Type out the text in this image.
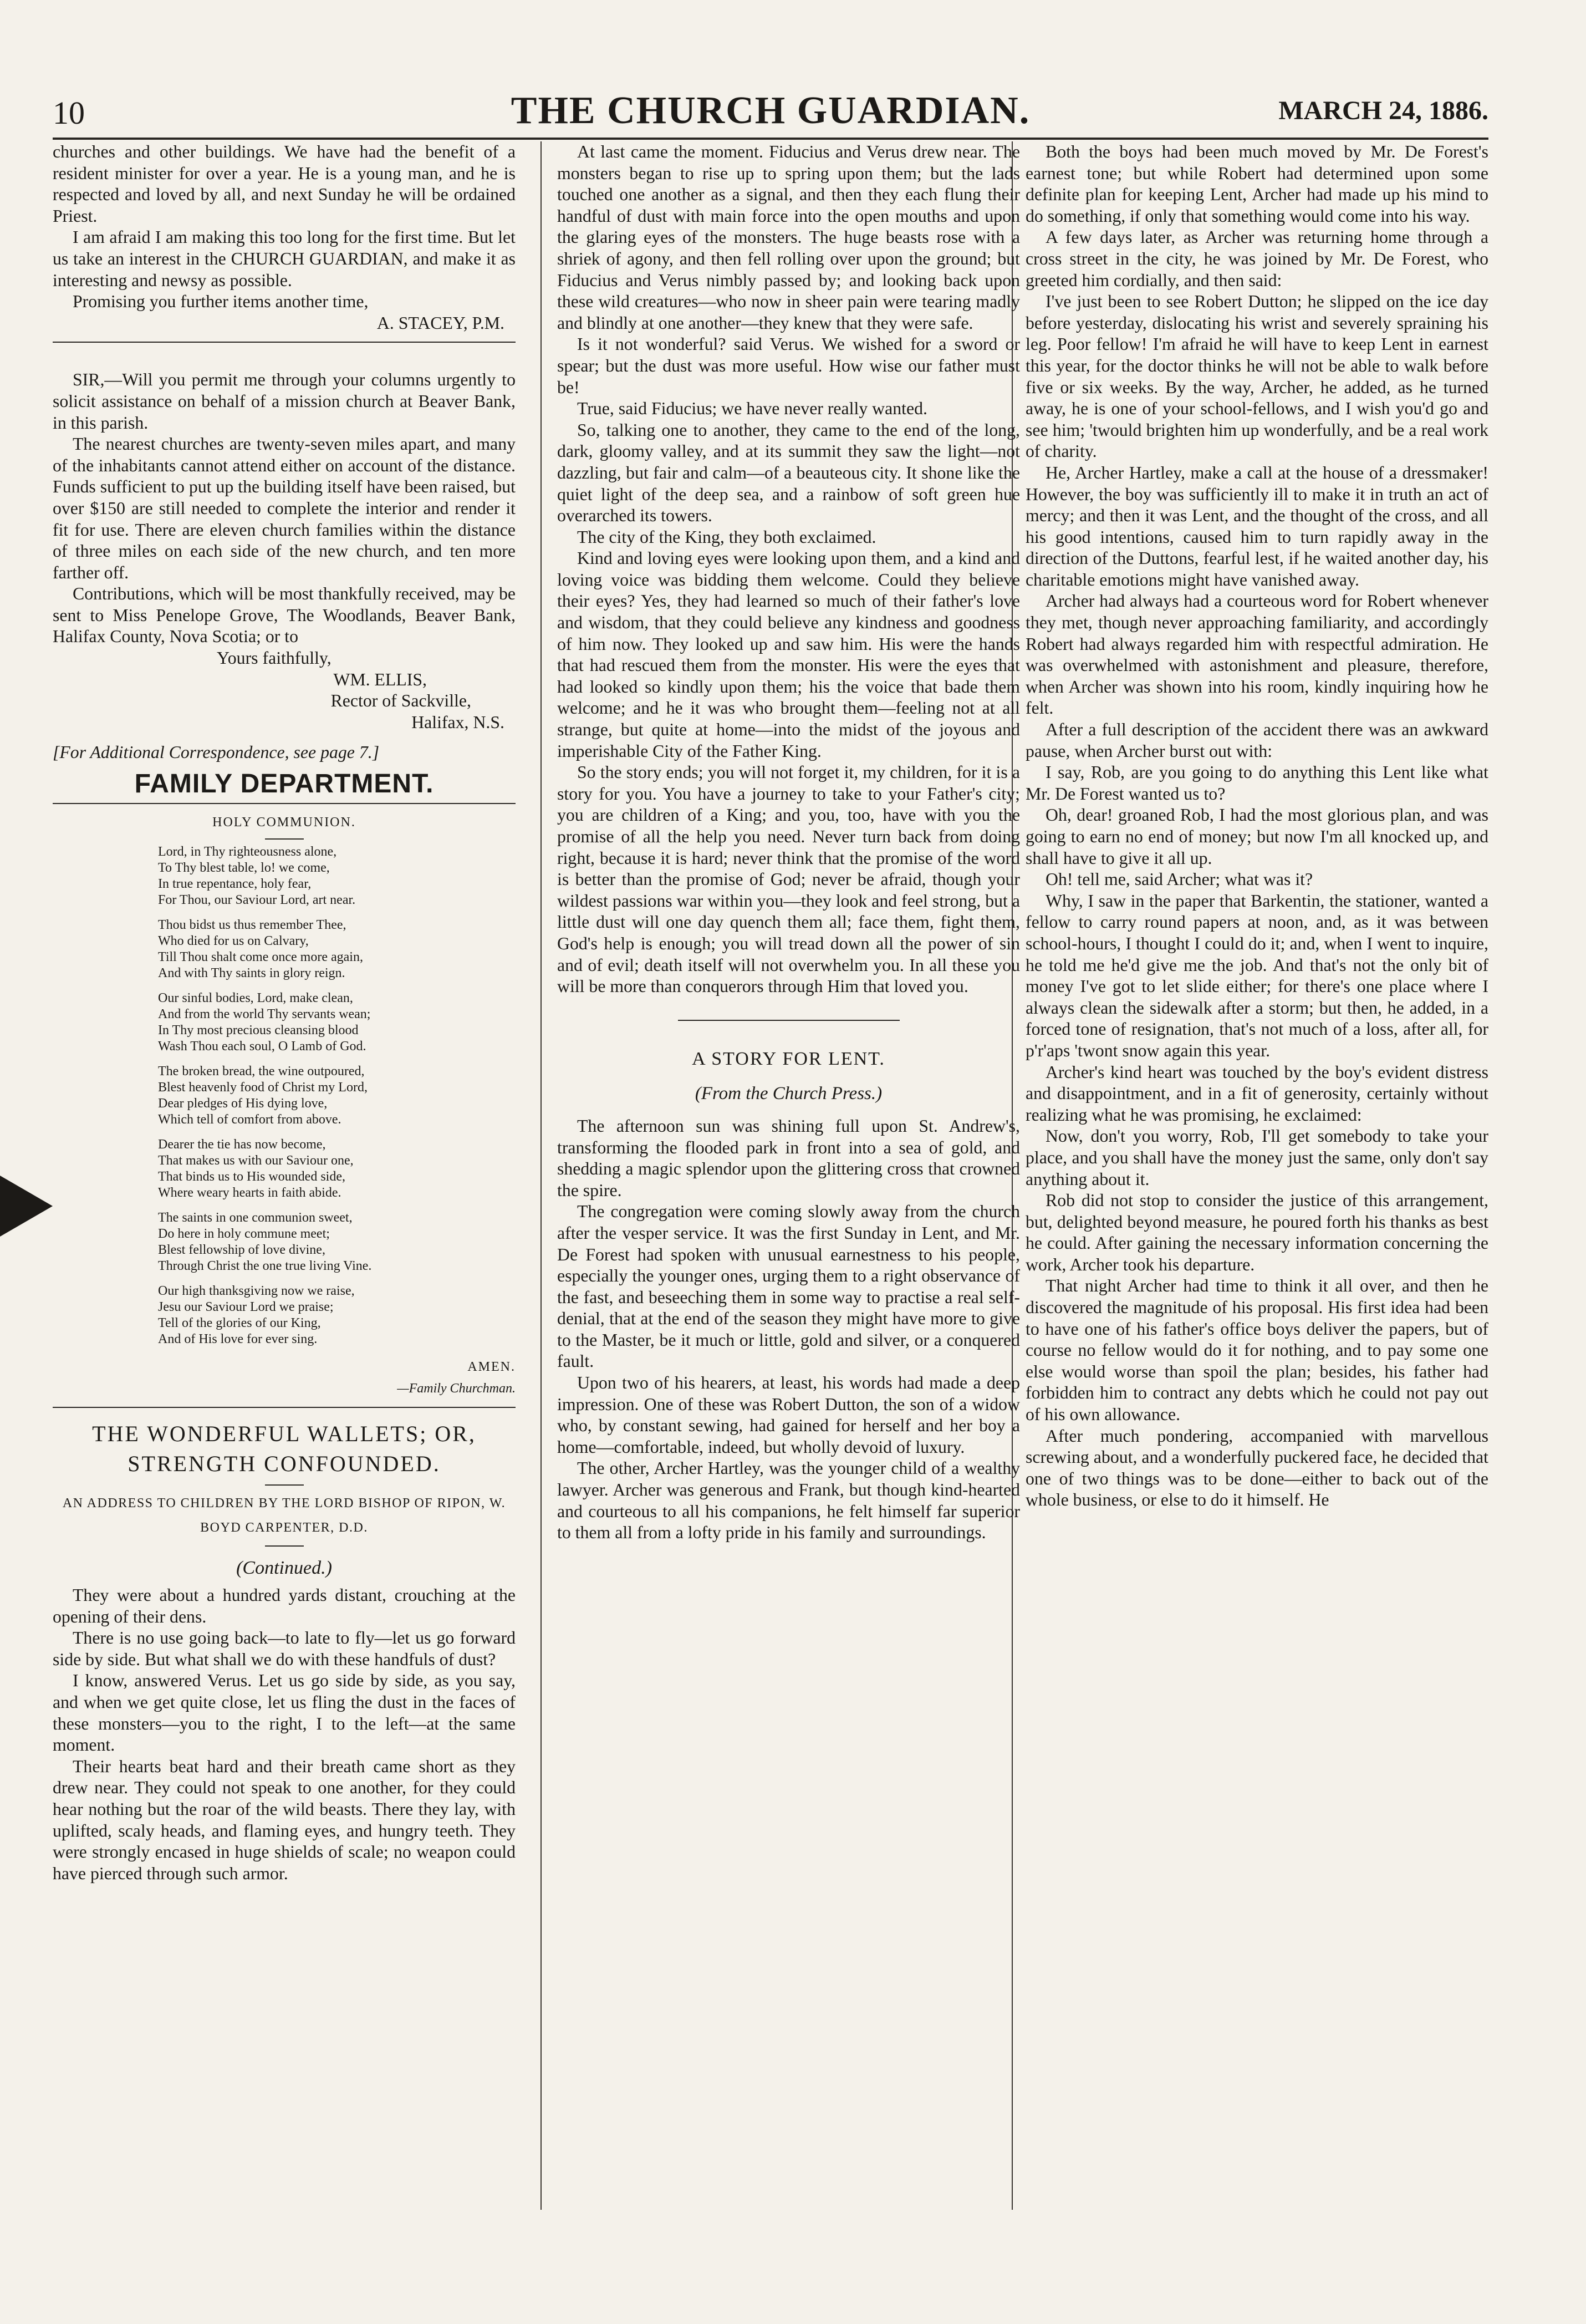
10	THE CHURCH GUARDIAN.	MARCH 24, 1886.

churches and other buildings. We have had the benefit of a resident minister for over a year. He is a young man, and he is respected and loved by all, and next Sunday he will be ordained Priest.

I am afraid I am making this too long for the first time. But let us take an interest in the CHURCH GUARDIAN, and make it as interesting and newsy as possible.

Promising you further items another time,

A. STACEY, P.M.

SIR,—Will you permit me through your columns urgently to solicit assistance on behalf of a mission church at Beaver Bank, in this parish.

The nearest churches are twenty-seven miles apart, and many of the inhabitants cannot attend either on account of the distance. Funds sufficient to put up the building itself have been raised, but over $150 are still needed to complete the interior and render it fit for use. There are eleven church families within the distance of three miles on each side of the new church, and ten more farther off.

Contributions, which will be most thankfully received, may be sent to Miss Penelope Grove, The Woodlands, Beaver Bank, Halifax County, Nova Scotia; or to

Yours faithfully,

WM. ELLIS,

Rector of Sackville,

Halifax, N.S.

[For Additional Correspondence, see page 7.]

FAMILY DEPARTMENT.
HOLY COMMUNION.
Lord, in Thy righteousness alone,
To Thy blest table, lo! we come,
In true repentance, holy fear,
For Thou, our Saviour Lord, art near.
Thou bidst us thus remember Thee,
Who died for us on Calvary,
Till Thou shalt come once more again,
And with Thy saints in glory reign.
Our sinful bodies, Lord, make clean,
And from the world Thy servants wean;
In Thy most precious cleansing blood
Wash Thou each soul, O Lamb of God.
The broken bread, the wine outpoured,
Blest heavenly food of Christ my Lord,
Dear pledges of His dying love,
Which tell of comfort from above.
Dearer the tie has now become,
That makes us with our Saviour one,
That binds us to His wounded side,
Where weary hearts in faith abide.
The saints in one communion sweet,
Do here in holy commune meet;
Blest fellowship of love divine,
Through Christ the one true living Vine.
Our high thanksgiving now we raise,
Jesu our Saviour Lord we praise;
Tell of the glories of our King,
And of His love for ever sing.
AMEN.
—Family Churchman.
THE WONDERFUL WALLETS; OR, STRENGTH CONFOUNDED.
AN ADDRESS TO CHILDREN BY THE LORD BISHOP OF RIPON, W. BOYD CARPENTER, D.D.
(Continued.)

They were about a hundred yards distant, crouching at the opening of their dens.

There is no use going back—to late to fly—let us go forward side by side. But what shall we do with these handfuls of dust?

I know, answered Verus. Let us go side by side, as you say, and when we get quite close, let us fling the dust in the faces of these monsters—you to the right, I to the left—at the same moment.

Their hearts beat hard and their breath came short as they drew near. They could not speak to one another, for they could hear nothing but the roar of the wild beasts. There they lay, with uplifted, scaly heads, and flaming eyes, and hungry teeth. They were strongly encased in huge shields of scale; no weapon could have pierced through such armor.

At last came the moment. Fiducius and Verus drew near. The monsters began to rise up to spring upon them; but the lads touched one another as a signal, and then they each flung their handful of dust with main force into the open mouths and upon the glaring eyes of the monsters. The huge beasts rose with a shriek of agony, and then fell rolling over upon the ground; but Fiducius and Verus nimbly passed by; and looking back upon these wild creatures—who now in sheer pain were tearing madly and blindly at one another—they knew that they were safe.

Is it not wonderful? said Verus. We wished for a sword or spear; but the dust was more useful. How wise our father must be!

True, said Fiducius; we have never really wanted.

So, talking one to another, they came to the end of the long, dark, gloomy valley, and at its summit they saw the light—not dazzling, but fair and calm—of a beauteous city. It shone like the quiet light of the deep sea, and a rainbow of soft green hue overarched its towers.

The city of the King, they both exclaimed.

Kind and loving eyes were looking upon them, and a kind and loving voice was bidding them welcome. Could they believe their eyes? Yes, they had learned so much of their father's love and wisdom, that they could believe any kindness and goodness of him now. They looked up and saw him. His were the hands that had rescued them from the monster. His were the eyes that had looked so kindly upon them; his the voice that bade them welcome; and he it was who brought them—feeling not at all strange, but quite at home—into the midst of the joyous and imperishable City of the Father King.

So the story ends; you will not forget it, my children, for it is a story for you. You have a journey to take to your Father's city; you are children of a King; and you, too, have with you the promise of all the help you need. Never turn back from doing right, because it is hard; never think that the promise of the word is better than the promise of God; never be afraid, though your wildest passions war within you—they look and feel strong, but a little dust will one day quench them all; face them, fight them, God's help is enough; you will tread down all the power of sin and of evil; death itself will not overwhelm you. In all these you will be more than conquerors through Him that loved you.

A STORY FOR LENT.
(From the Church Press.)

The afternoon sun was shining full upon St. Andrew's, transforming the flooded park in front into a sea of gold, and shedding a magic splendor upon the glittering cross that crowned the spire.

The congregation were coming slowly away from the church after the vesper service. It was the first Sunday in Lent, and Mr. De Forest had spoken with unusual earnestness to his people, especially the younger ones, urging them to a right observance of the fast, and beseeching them in some way to practise a real self-denial, that at the end of the season they might have more to give to the Master, be it much or little, gold and silver, or a conquered fault.

Upon two of his hearers, at least, his words had made a deep impression. One of these was Robert Dutton, the son of a widow who, by constant sewing, had gained for herself and her boy a home—comfortable, indeed, but wholly devoid of luxury.

The other, Archer Hartley, was the younger child of a wealthy lawyer. Archer was generous and Frank, but though kind-hearted and courteous to all his companions, he felt himself far superior to them all from a lofty pride in his family and surroundings.

Both the boys had been much moved by Mr. De Forest's earnest tone; but while Robert had determined upon some definite plan for keeping Lent, Archer had made up his mind to do something, if only that something would come into his way.

A few days later, as Archer was returning home through a cross street in the city, he was joined by Mr. De Forest, who greeted him cordially, and then said:

I've just been to see Robert Dutton; he slipped on the ice day before yesterday, dislocating his wrist and severely spraining his leg. Poor fellow! I'm afraid he will have to keep Lent in earnest this year, for the doctor thinks he will not be able to walk before five or six weeks. By the way, Archer, he added, as he turned away, he is one of your school-fellows, and I wish you'd go and see him; 'twould brighten him up wonderfully, and be a real work of charity.

He, Archer Hartley, make a call at the house of a dressmaker! However, the boy was sufficiently ill to make it in truth an act of mercy; and then it was Lent, and the thought of the cross, and all his good intentions, caused him to turn rapidly away in the direction of the Duttons, fearful lest, if he waited another day, his charitable emotions might have vanished away.

Archer had always had a courteous word for Robert whenever they met, though never approaching familiarity, and accordingly Robert had always regarded him with respectful admiration. He was overwhelmed with astonishment and pleasure, therefore, when Archer was shown into his room, kindly inquiring how he felt.

After a full description of the accident there was an awkward pause, when Archer burst out with:

I say, Rob, are you going to do anything this Lent like what Mr. De Forest wanted us to?

Oh, dear! groaned Rob, I had the most glorious plan, and was going to earn no end of money; but now I'm all knocked up, and shall have to give it all up.

Oh! tell me, said Archer; what was it?

Why, I saw in the paper that Barkentin, the stationer, wanted a fellow to carry round papers at noon, and, as it was between school-hours, I thought I could do it; and, when I went to inquire, he told me he'd give me the job. And that's not the only bit of money I've got to let slide either; for there's one place where I always clean the sidewalk after a storm; but then, he added, in a forced tone of resignation, that's not much of a loss, after all, for p'r'aps 'twont snow again this year.

Archer's kind heart was touched by the boy's evident distress and disappointment, and in a fit of generosity, certainly without realizing what he was promising, he exclaimed:

Now, don't you worry, Rob, I'll get somebody to take your place, and you shall have the money just the same, only don't say anything about it.

Rob did not stop to consider the justice of this arrangement, but, delighted beyond measure, he poured forth his thanks as best he could. After gaining the necessary information concerning the work, Archer took his departure.

That night Archer had time to think it all over, and then he discovered the magnitude of his proposal. His first idea had been to have one of his father's office boys deliver the papers, but of course no fellow would do it for nothing, and to pay some one else would worse than spoil the plan; besides, his father had forbidden him to contract any debts which he could not pay out of his own allowance.

After much pondering, accompanied with marvellous screwing about, and a wonderfully puckered face, he decided that one of two things was to be done—either to back out of the whole business, or else to do it himself. He
